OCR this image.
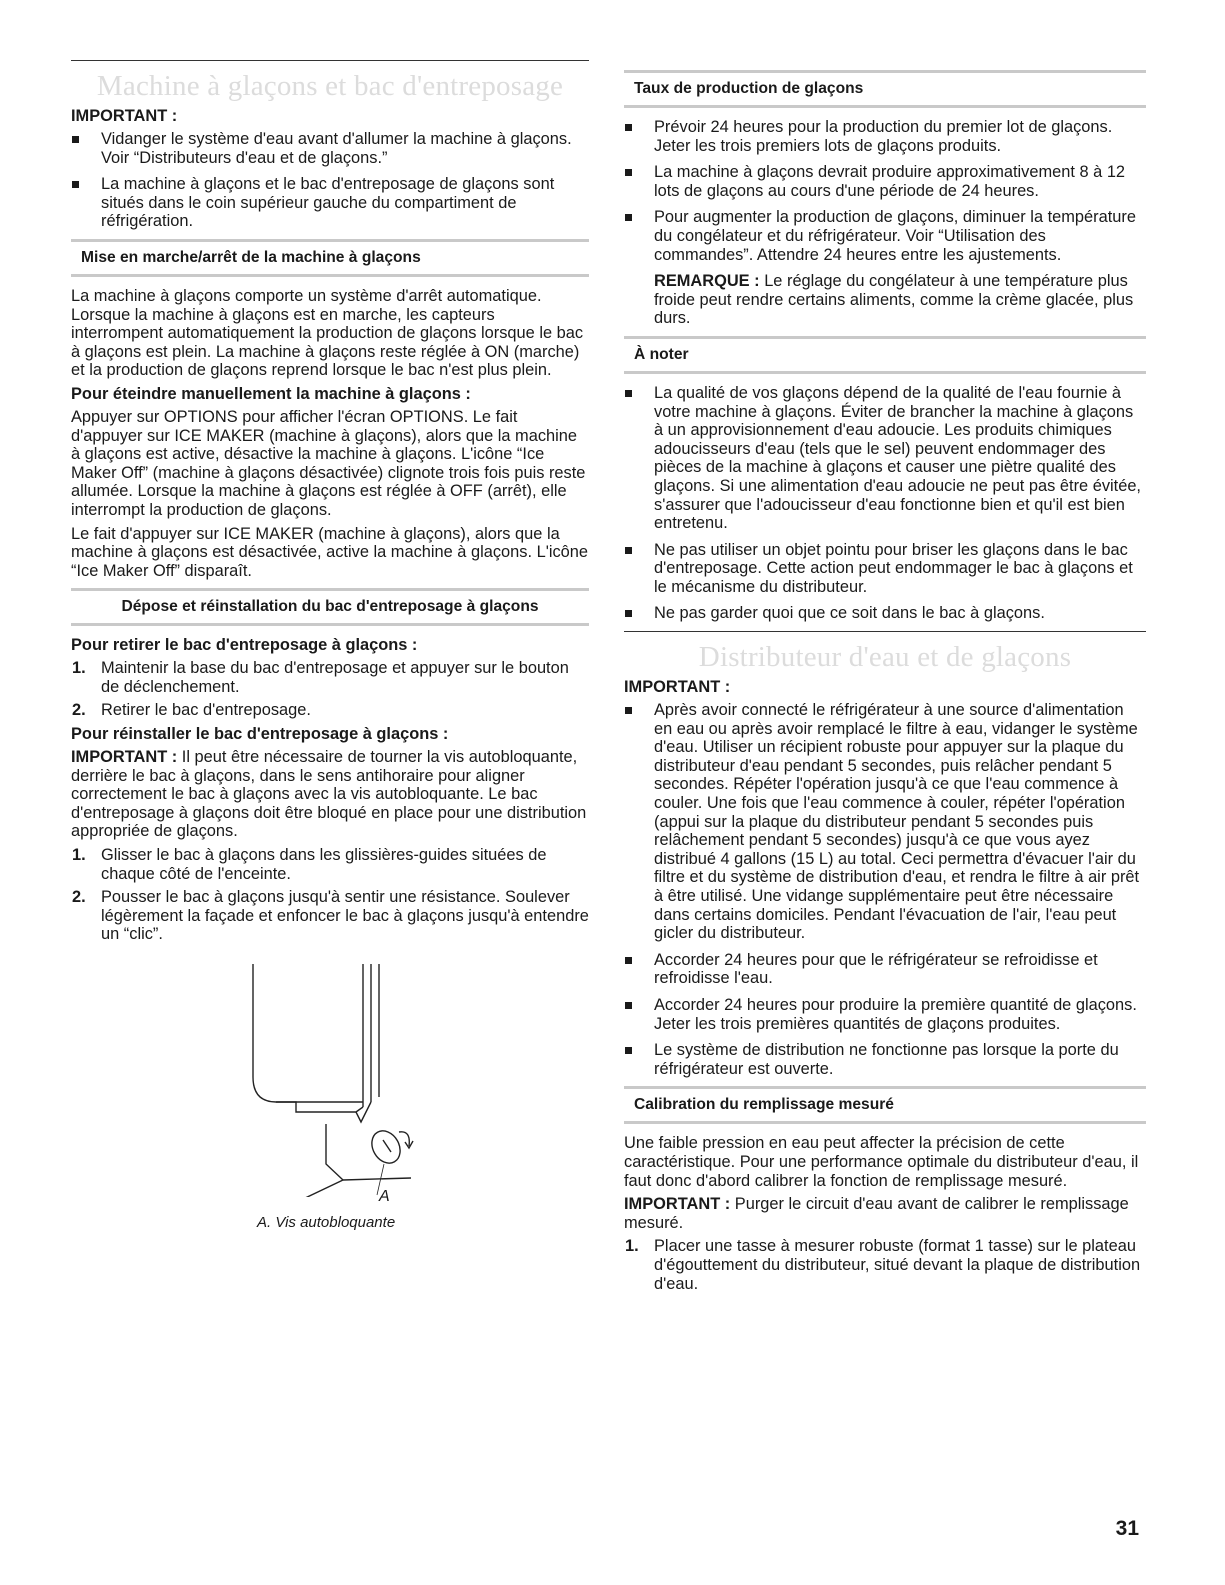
Machine à glaçons et bac d'entreposage
IMPORTANT :
Vidanger le système d'eau avant d'allumer la machine à glaçons. Voir “Distributeurs d'eau et de glaçons.”
La machine à glaçons et le bac d'entreposage de glaçons sont situés dans le coin supérieur gauche du compartiment de réfrigération.
Mise en marche/arrêt de la machine à glaçons

La machine à glaçons comporte un système d'arrêt automatique. Lorsque la machine à glaçons est en marche, les capteurs interrompent automatiquement la production de glaçons lorsque le bac à glaçons est plein. La machine à glaçons reste réglée à ON (marche) et la production de glaçons reprend lorsque le bac n'est plus plein.

Pour éteindre manuellement la machine à glaçons :

Appuyer sur OPTIONS pour afficher l'écran OPTIONS. Le fait d'appuyer sur ICE MAKER (machine à glaçons), alors que la machine à glaçons est active, désactive la machine à glaçons. L'icône “Ice Maker Off” (machine à glaçons désactivée) clignote trois fois puis reste allumée. Lorsque la machine à glaçons est réglée à OFF (arrêt), elle interrompt la production de glaçons.

Le fait d'appuyer sur ICE MAKER (machine à glaçons), alors que la machine à glaçons est désactivée, active la machine à glaçons. L'icône “Ice Maker Off” disparaît.

Dépose et réinstallation du bac d'entreposage à glaçons
Pour retirer le bac d'entreposage à glaçons :
1. Maintenir la base du bac d'entreposage et appuyer sur le bouton de déclenchement.
2. Retirer le bac d'entreposage.
Pour réinstaller le bac d'entreposage à glaçons :

IMPORTANT : Il peut être nécessaire de tourner la vis autobloquante, derrière le bac à glaçons, dans le sens antihoraire pour aligner correctement le bac à glaçons avec la vis autobloquante. Le bac d'entreposage à glaçons doit être bloqué en place pour une distribution appropriée de glaçons.

1. Glisser le bac à glaçons dans les glissières-guides situées de chaque côté de l'enceinte.
2. Pousser le bac à glaçons jusqu'à sentir une résistance. Soulever légèrement la façade et enfoncer le bac à glaçons jusqu'à entendre un “clic”.
A
A. Vis autobloquante
Taux de production de glaçons
Prévoir 24 heures pour la production du premier lot de glaçons. Jeter les trois premiers lots de glaçons produits.
La machine à glaçons devrait produire approximativement 8 à 12 lots de glaçons au cours d'une période de 24 heures.
Pour augmenter la production de glaçons, diminuer la température du congélateur et du réfrigérateur. Voir “Utilisation des commandes”. Attendre 24 heures entre les ajustements.

REMARQUE : Le réglage du congélateur à une température plus froide peut rendre certains aliments, comme la crème glacée, plus durs.

À noter
La qualité de vos glaçons dépend de la qualité de l'eau fournie à votre machine à glaçons. Éviter de brancher la machine à glaçons à un approvisionnement d'eau adoucie. Les produits chimiques adoucisseurs d'eau (tels que le sel) peuvent endommager des pièces de la machine à glaçons et causer une piètre qualité des glaçons. Si une alimentation d'eau adoucie ne peut pas être évitée, s'assurer que l'adoucisseur d'eau fonctionne bien et qu'il est bien entretenu.
Ne pas utiliser un objet pointu pour briser les glaçons dans le bac d'entreposage. Cette action peut endommager le bac à glaçons et le mécanisme du distributeur.
Ne pas garder quoi que ce soit dans le bac à glaçons.
Distributeur d'eau et de glaçons
IMPORTANT :
Après avoir connecté le réfrigérateur à une source d'alimentation en eau ou après avoir remplacé le filtre à eau, vidanger le système d'eau. Utiliser un récipient robuste pour appuyer sur la plaque du distributeur d'eau pendant 5 secondes, puis relâcher pendant 5 secondes. Répéter l'opération jusqu'à ce que l'eau commence à couler. Une fois que l'eau commence à couler, répéter l'opération (appui sur la plaque du distributeur pendant 5 secondes puis relâchement pendant 5 secondes) jusqu'à ce que vous ayez distribué 4 gallons (15 L) au total. Ceci permettra d'évacuer l'air du filtre et du système de distribution d'eau, et rendra le filtre à air prêt à être utilisé. Une vidange supplémentaire peut être nécessaire dans certains domiciles. Pendant l'évacuation de l'air, l'eau peut gicler du distributeur.
Accorder 24 heures pour que le réfrigérateur se refroidisse et refroidisse l'eau.
Accorder 24 heures pour produire la première quantité de glaçons. Jeter les trois premières quantités de glaçons produites.
Le système de distribution ne fonctionne pas lorsque la porte du réfrigérateur est ouverte.
Calibration du remplissage mesuré

Une faible pression en eau peut affecter la précision de cette caractéristique. Pour une performance optimale du distributeur d'eau, il faut donc d'abord calibrer la fonction de remplissage mesuré.

IMPORTANT : Purger le circuit d'eau avant de calibrer le remplissage mesuré.

1. Placer une tasse à mesurer robuste (format 1 tasse) sur le plateau d'égouttement du distributeur, situé devant la plaque de distribution d'eau.
31
